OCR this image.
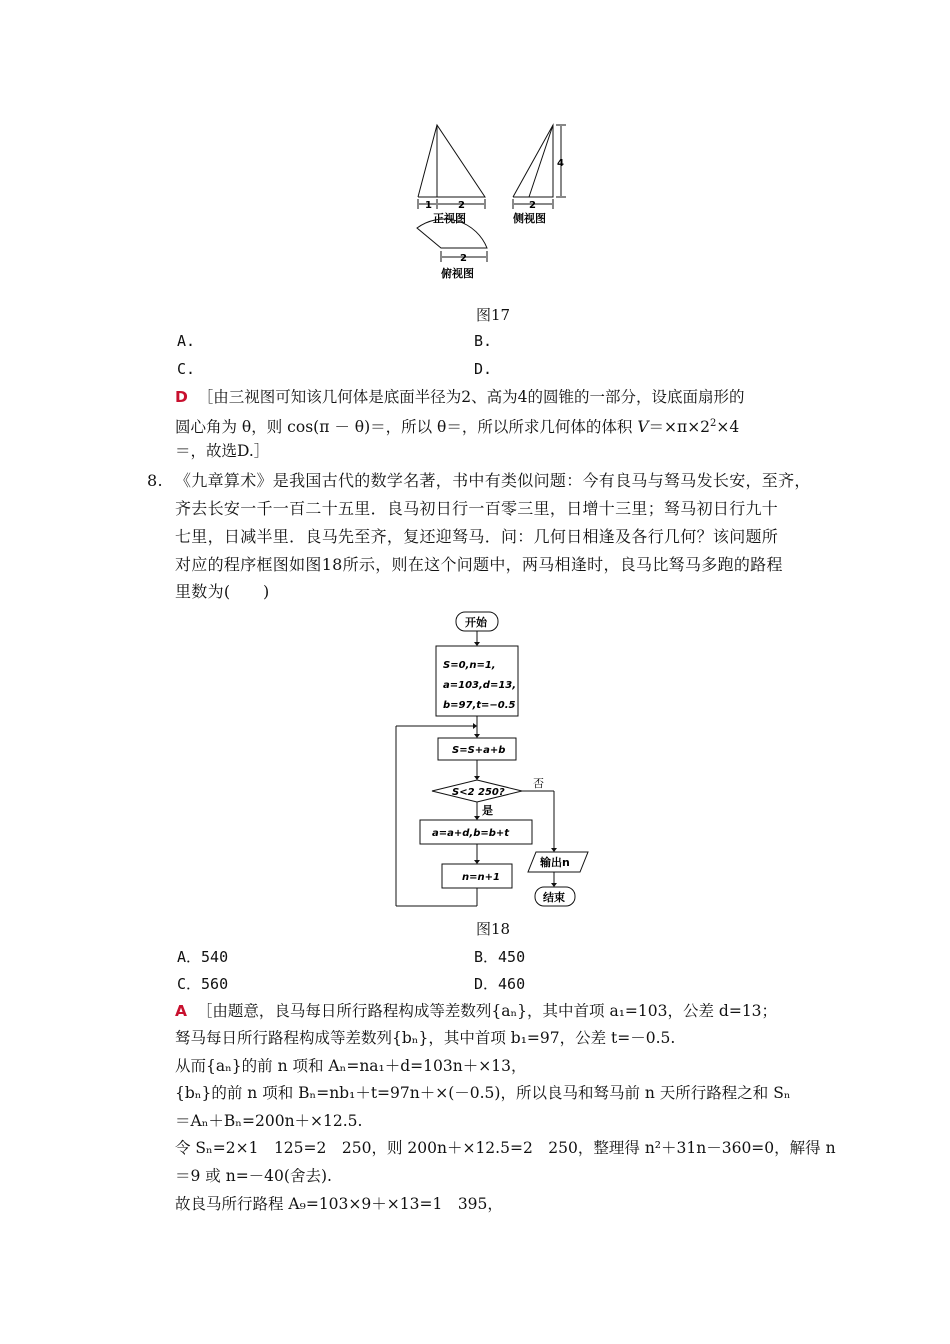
1	2
正视图
4
2
侧视图
2
俯视图
图17
A.	B.
C.	D.
D ［由三视图可知该几何体是底面半径为2、高为4的圆锥的一部分，设底面扇形的
圆心角为 θ，则 cos(π － θ)＝，所以 θ＝，所以所求几何体的体积 $V=\times\pi\times 2^2\times 4$
＝，故选D.］
8. 《九章算术》是我国古代的数学名著，书中有类似问题：今有良马与驽马发长安，至齐，
齐去长安一千一百二十五里．良马初日行一百零三里，日增十三里；驽马初日行九十
七里，日减半里．良马先至齐，复还迎驽马．问：几何日相逢及各行几何？该问题所
对应的程序框图如图18所示，则在这个问题中，两马相逢时，良马比驽马多跑的路程
里数为(　　)
开始
S=0,n=1,
a=103,d=13,
b=97,t=−0.5
S=S+a+b
S<2 250?
否
是
a=a+d,b=b+t
n=n+1
输出n
结束
图18
A．540	B．450
C．560	D．460
A ［由题意，良马每日所行路程构成等差数列{aₙ}，其中首项 a₁=103，公差 d=13；
驽马每日所行路程构成等差数列{bₙ}，其中首项 b₁=97，公差 t=－0.5.
从而{aₙ}的前 n 项和 Aₙ=na₁＋d=103n＋×13，
{bₙ}的前 n 项和 Bₙ=nb₁＋t=97n＋×(－0.5)，所以良马和驽马前 n 天所行路程之和 Sₙ
＝Aₙ＋Bₙ=200n＋×12.5.
令 Sₙ=2×1　125=2　250，则 200n＋×12.5=2　250，整理得 n²＋31n－360=0，解得 n
＝9 或 n=－40(舍去).
故良马所行路程 A₉=103×9＋×13=1　395，
